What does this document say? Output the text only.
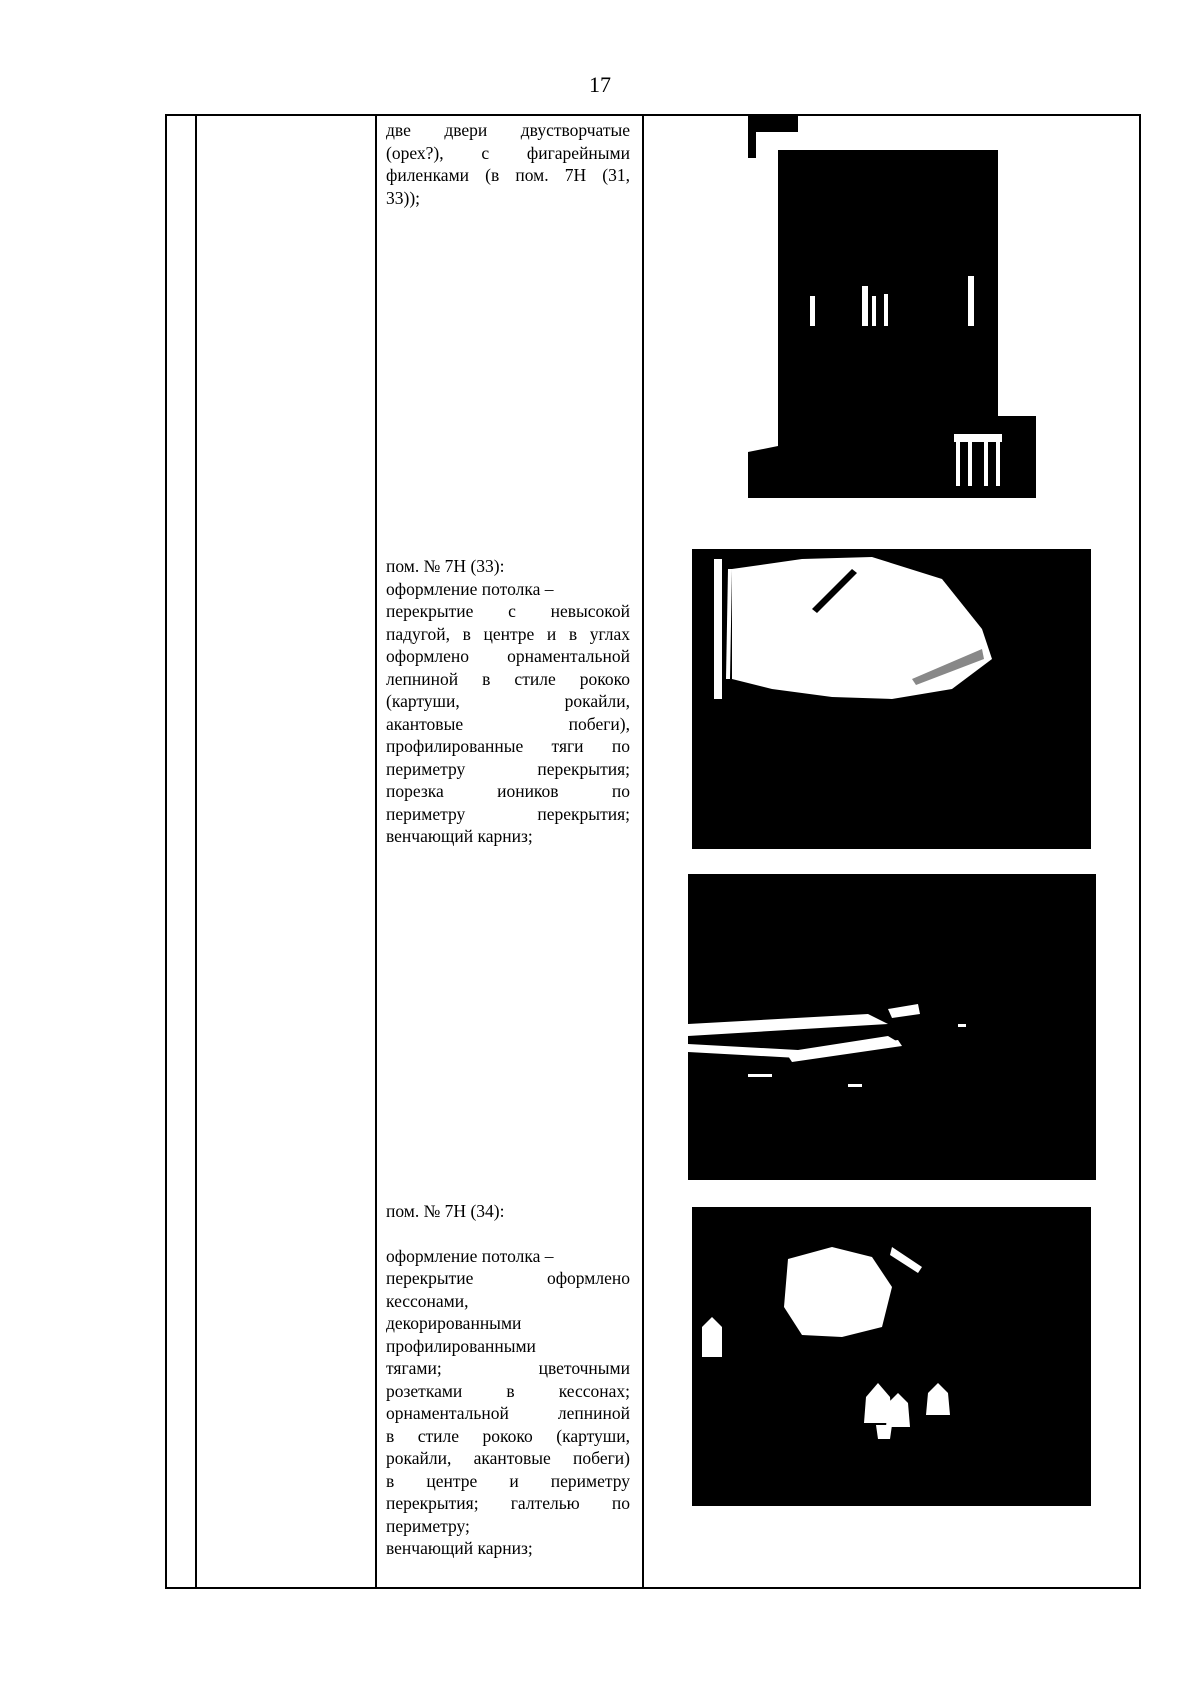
17
две двери двустворчатые
(орех?), с фигарейными
филенками (в пом. 7Н (31,
33));
пом. № 7Н (33):
оформление потолка –
перекрытие с невысокой
падугой, в центре и в углах
оформлено орнаментальной
лепниной в стиле рококо
(картуши, рокайли,
акантовые побеги),
профилированные тяги по
периметру перекрытия;
порезка иоников по
периметру перекрытия;
венчающий карниз;
пом. № 7Н (34):
оформление потолка –
перекрытие оформлено
кессонами,
декорированными
профилированными
тягами; цветочными
розетками в кессонах;
орнаментальной лепниной
в стиле рококо (картуши,
рокайли, акантовые побеги)
в центре и периметру
перекрытия; галтелью по
периметру;
венчающий карниз;
